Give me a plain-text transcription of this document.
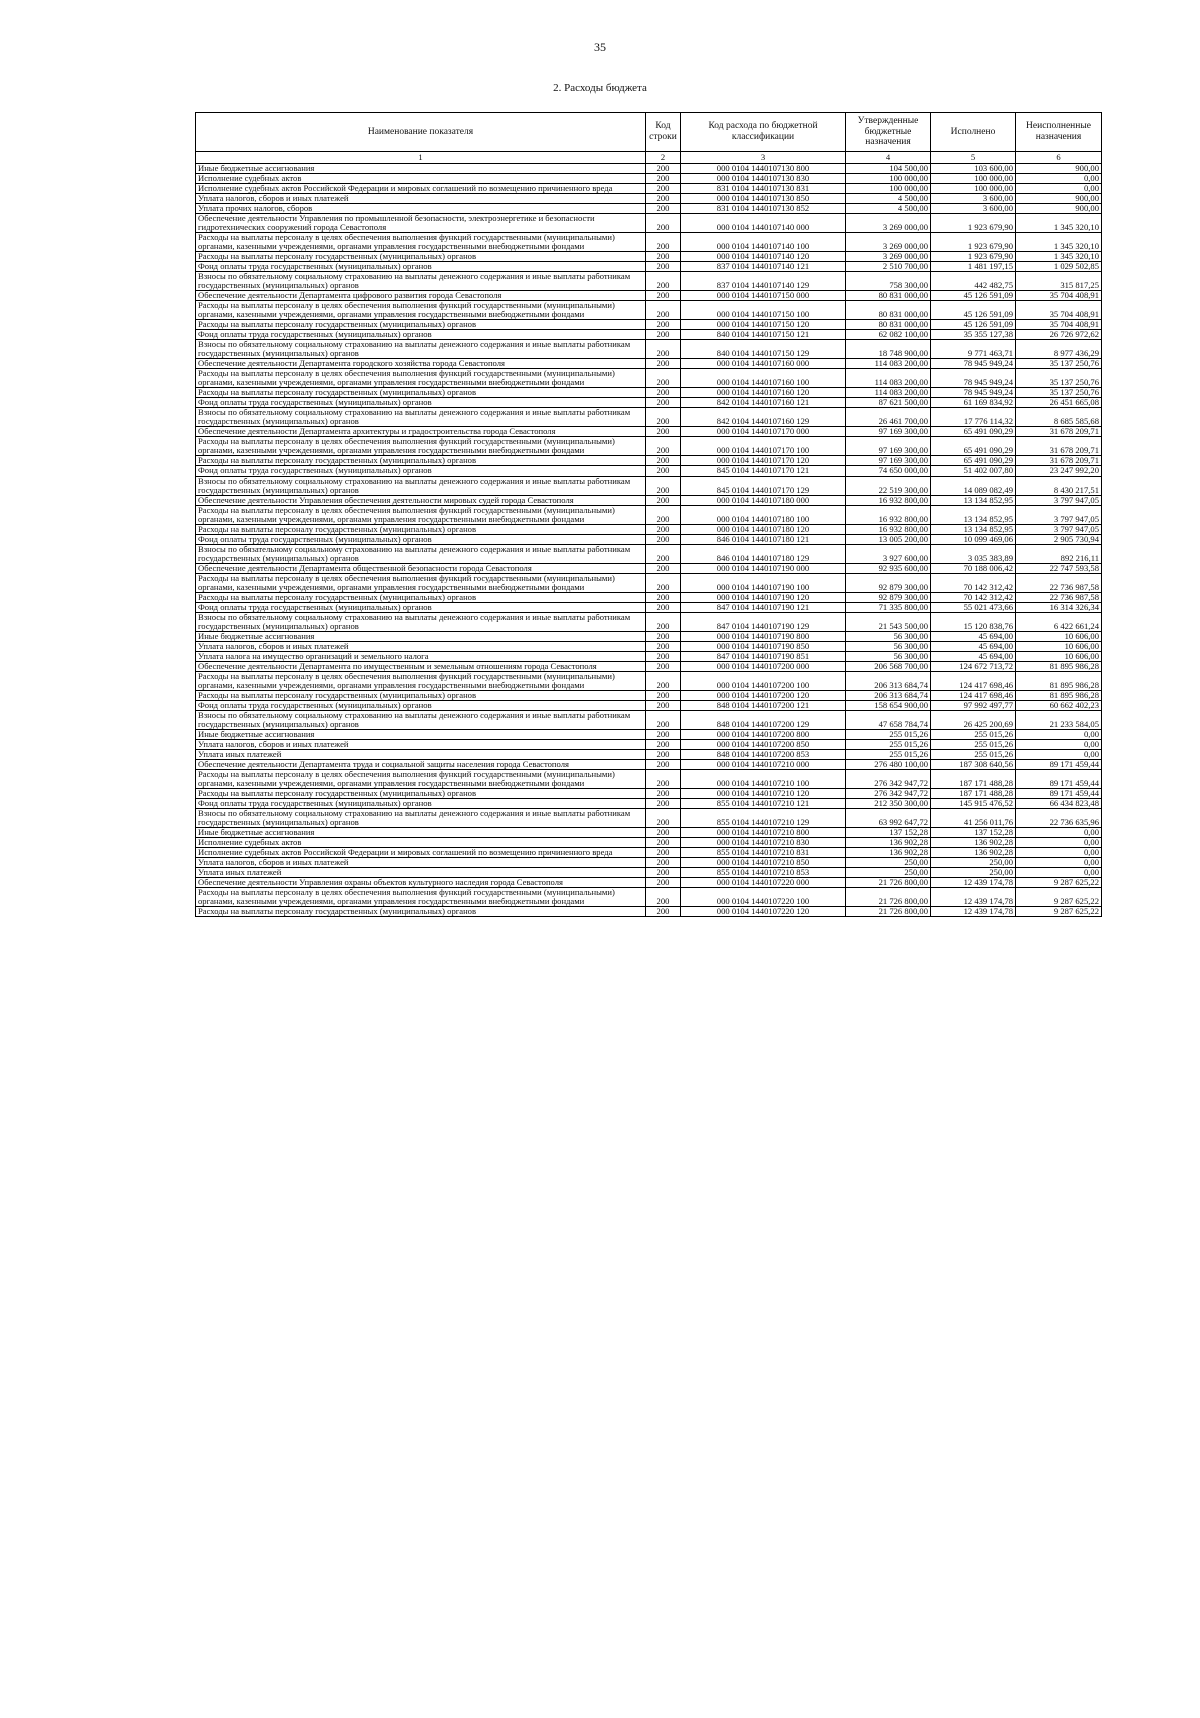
35
2. Расходы бюджета
Наименование показателя	Код строки	Код расхода по бюджетной классификации	Утвержденные бюджетные назначения	Исполнено	Неисполненные назначения
1	2	3	4	5	6
Иные бюджетные ассигнования	200	000 0104 1440107130 800	104 500,00	103 600,00	900,00
Исполнение судебных актов	200	000 0104 1440107130 830	100 000,00	100 000,00	0,00
Исполнение судебных актов Российской Федерации и мировых соглашений по возмещению причиненного вреда	200	831 0104 1440107130 831	100 000,00	100 000,00	0,00
Уплата налогов, сборов и иных платежей	200	000 0104 1440107130 850	4 500,00	3 600,00	900,00
Уплата прочих налогов, сборов	200	831 0104 1440107130 852	4 500,00	3 600,00	900,00
Обеспечение деятельности Управления по промышленной безопасности, электроэнергетике и безопасности гидротехнических сооружений города Севастополя	200	000 0104 1440107140 000	3 269 000,00	1 923 679,90	1 345 320,10
Расходы на выплаты персоналу в целях обеспечения выполнения функций государственными (муниципальными) органами, казенными учреждениями, органами управления государственными внебюджетными фондами	200	000 0104 1440107140 100	3 269 000,00	1 923 679,90	1 345 320,10
Расходы на выплаты персоналу государственных (муниципальных) органов	200	000 0104 1440107140 120	3 269 000,00	1 923 679,90	1 345 320,10
Фонд оплаты труда государственных (муниципальных) органов	200	837 0104 1440107140 121	2 510 700,00	1 481 197,15	1 029 502,85
Взносы по обязательному социальному страхованию на выплаты денежного содержания и иные выплаты работникам государственных (муниципальных) органов	200	837 0104 1440107140 129	758 300,00	442 482,75	315 817,25
Обеспечение деятельности Департамента цифрового развития города Севастополя	200	000 0104 1440107150 000	80 831 000,00	45 126 591,09	35 704 408,91
Расходы на выплаты персоналу в целях обеспечения выполнения функций государственными (муниципальными) органами, казенными учреждениями, органами управления государственными внебюджетными фондами	200	000 0104 1440107150 100	80 831 000,00	45 126 591,09	35 704 408,91
Расходы на выплаты персоналу государственных (муниципальных) органов	200	000 0104 1440107150 120	80 831 000,00	45 126 591,09	35 704 408,91
Фонд оплаты труда государственных (муниципальных) органов	200	840 0104 1440107150 121	62 082 100,00	35 355 127,38	26 726 972,62
Взносы по обязательному социальному страхованию на выплаты денежного содержания и иные выплаты работникам государственных (муниципальных) органов	200	840 0104 1440107150 129	18 748 900,00	9 771 463,71	8 977 436,29
Обеспечение деятельности Департамента городского хозяйства города Севастополя	200	000 0104 1440107160 000	114 083 200,00	78 945 949,24	35 137 250,76
Расходы на выплаты персоналу в целях обеспечения выполнения функций государственными (муниципальными) органами, казенными учреждениями, органами управления государственными внебюджетными фондами	200	000 0104 1440107160 100	114 083 200,00	78 945 949,24	35 137 250,76
Расходы на выплаты персоналу государственных (муниципальных) органов	200	000 0104 1440107160 120	114 083 200,00	78 945 949,24	35 137 250,76
Фонд оплаты труда государственных (муниципальных) органов	200	842 0104 1440107160 121	87 621 500,00	61 169 834,92	26 451 665,08
Взносы по обязательному социальному страхованию на выплаты денежного содержания и иные выплаты работникам государственных (муниципальных) органов	200	842 0104 1440107160 129	26 461 700,00	17 776 114,32	8 685 585,68
Обеспечение деятельности Департамента архитектуры и градостроительства города Севастополя	200	000 0104 1440107170 000	97 169 300,00	65 491 090,29	31 678 209,71
Расходы на выплаты персоналу в целях обеспечения выполнения функций государственными (муниципальными) органами, казенными учреждениями, органами управления государственными внебюджетными фондами	200	000 0104 1440107170 100	97 169 300,00	65 491 090,29	31 678 209,71
Расходы на выплаты персоналу государственных (муниципальных) органов	200	000 0104 1440107170 120	97 169 300,00	65 491 090,29	31 678 209,71
Фонд оплаты труда государственных (муниципальных) органов	200	845 0104 1440107170 121	74 650 000,00	51 402 007,80	23 247 992,20
Взносы по обязательному социальному страхованию на выплаты денежного содержания и иные выплаты работникам государственных (муниципальных) органов	200	845 0104 1440107170 129	22 519 300,00	14 089 082,49	8 430 217,51
Обеспечение деятельности Управления обеспечения деятельности мировых судей города Севастополя	200	000 0104 1440107180 000	16 932 800,00	13 134 852,95	3 797 947,05
Расходы на выплаты персоналу в целях обеспечения выполнения функций государственными (муниципальными) органами, казенными учреждениями, органами управления государственными внебюджетными фондами	200	000 0104 1440107180 100	16 932 800,00	13 134 852,95	3 797 947,05
Расходы на выплаты персоналу государственных (муниципальных) органов	200	000 0104 1440107180 120	16 932 800,00	13 134 852,95	3 797 947,05
Фонд оплаты труда государственных (муниципальных) органов	200	846 0104 1440107180 121	13 005 200,00	10 099 469,06	2 905 730,94
Взносы по обязательному социальному страхованию на выплаты денежного содержания и иные выплаты работникам государственных (муниципальных) органов	200	846 0104 1440107180 129	3 927 600,00	3 035 383,89	892 216,11
Обеспечение деятельности Департамента общественной безопасности города Севастополя	200	000 0104 1440107190 000	92 935 600,00	70 188 006,42	22 747 593,58
Расходы на выплаты персоналу в целях обеспечения выполнения функций государственными (муниципальными) органами, казенными учреждениями, органами управления государственными внебюджетными фондами	200	000 0104 1440107190 100	92 879 300,00	70 142 312,42	22 736 987,58
Расходы на выплаты персоналу государственных (муниципальных) органов	200	000 0104 1440107190 120	92 879 300,00	70 142 312,42	22 736 987,58
Фонд оплаты труда государственных (муниципальных) органов	200	847 0104 1440107190 121	71 335 800,00	55 021 473,66	16 314 326,34
Взносы по обязательному социальному страхованию на выплаты денежного содержания и иные выплаты работникам государственных (муниципальных) органов	200	847 0104 1440107190 129	21 543 500,00	15 120 838,76	6 422 661,24
Иные бюджетные ассигнования	200	000 0104 1440107190 800	56 300,00	45 694,00	10 606,00
Уплата налогов, сборов и иных платежей	200	000 0104 1440107190 850	56 300,00	45 694,00	10 606,00
Уплата налога на имущество организаций и земельного налога	200	847 0104 1440107190 851	56 300,00	45 694,00	10 606,00
Обеспечение деятельности Департамента по имущественным и земельным отношениям города Севастополя	200	000 0104 1440107200 000	206 568 700,00	124 672 713,72	81 895 986,28
Расходы на выплаты персоналу в целях обеспечения выполнения функций государственными (муниципальными) органами, казенными учреждениями, органами управления государственными внебюджетными фондами	200	000 0104 1440107200 100	206 313 684,74	124 417 698,46	81 895 986,28
Расходы на выплаты персоналу государственных (муниципальных) органов	200	000 0104 1440107200 120	206 313 684,74	124 417 698,46	81 895 986,28
Фонд оплаты труда государственных (муниципальных) органов	200	848 0104 1440107200 121	158 654 900,00	97 992 497,77	60 662 402,23
Взносы по обязательному социальному страхованию на выплаты денежного содержания и иные выплаты работникам государственных (муниципальных) органов	200	848 0104 1440107200 129	47 658 784,74	26 425 200,69	21 233 584,05
Иные бюджетные ассигнования	200	000 0104 1440107200 800	255 015,26	255 015,26	0,00
Уплата налогов, сборов и иных платежей	200	000 0104 1440107200 850	255 015,26	255 015,26	0,00
Уплата иных платежей	200	848 0104 1440107200 853	255 015,26	255 015,26	0,00
Обеспечение деятельности Департамента труда и социальной защиты населения города Севастополя	200	000 0104 1440107210 000	276 480 100,00	187 308 640,56	89 171 459,44
Расходы на выплаты персоналу в целях обеспечения выполнения функций государственными (муниципальными) органами, казенными учреждениями, органами управления государственными внебюджетными фондами	200	000 0104 1440107210 100	276 342 947,72	187 171 488,28	89 171 459,44
Расходы на выплаты персоналу государственных (муниципальных) органов	200	000 0104 1440107210 120	276 342 947,72	187 171 488,28	89 171 459,44
Фонд оплаты труда государственных (муниципальных) органов	200	855 0104 1440107210 121	212 350 300,00	145 915 476,52	66 434 823,48
Взносы по обязательному социальному страхованию на выплаты денежного содержания и иные выплаты работникам государственных (муниципальных) органов	200	855 0104 1440107210 129	63 992 647,72	41 256 011,76	22 736 635,96
Иные бюджетные ассигнования	200	000 0104 1440107210 800	137 152,28	137 152,28	0,00
Исполнение судебных актов	200	000 0104 1440107210 830	136 902,28	136 902,28	0,00
Исполнение судебных актов Российской Федерации и мировых соглашений по возмещению причиненного вреда	200	855 0104 1440107210 831	136 902,28	136 902,28	0,00
Уплата налогов, сборов и иных платежей	200	000 0104 1440107210 850	250,00	250,00	0,00
Уплата иных платежей	200	855 0104 1440107210 853	250,00	250,00	0,00
Обеспечение деятельности Управления охраны объектов культурного наследия города Севастополя	200	000 0104 1440107220 000	21 726 800,00	12 439 174,78	9 287 625,22
Расходы на выплаты персоналу в целях обеспечения выполнения функций государственными (муниципальными) органами, казенными учреждениями, органами управления государственными внебюджетными фондами	200	000 0104 1440107220 100	21 726 800,00	12 439 174,78	9 287 625,22
Расходы на выплаты персоналу государственных (муниципальных) органов	200	000 0104 1440107220 120	21 726 800,00	12 439 174,78	9 287 625,22
